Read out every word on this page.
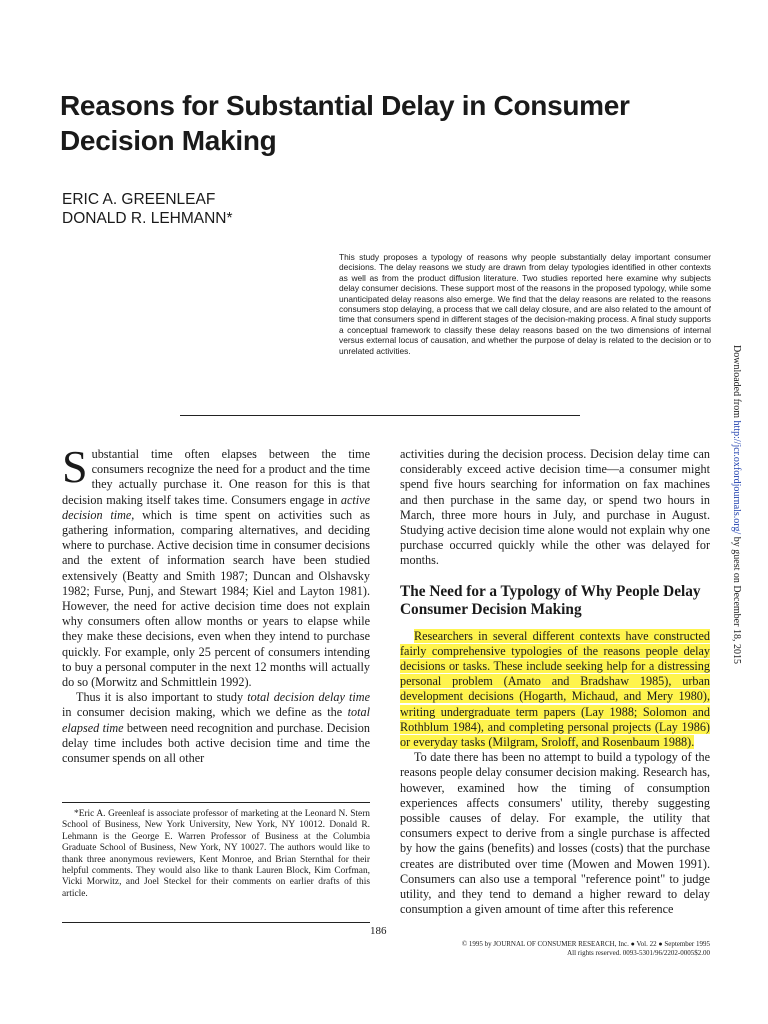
Reasons for Substantial Delay in Consumer Decision Making
ERIC A. GREENLEAF
DONALD R. LEHMANN*

This study proposes a typology of reasons why people substantially delay important consumer decisions. The delay reasons we study are drawn from delay typologies identified in other contexts as well as from the product diffusion literature. Two studies reported here examine why subjects delay consumer decisions. These support most of the reasons in the proposed typology, while some unanticipated delay reasons also emerge. We find that the delay reasons are related to the reasons consumers stop delaying, a process that we call delay closure, and are also related to the amount of time that consumers spend in different stages of the decision-making process. A final study supports a conceptual framework to classify these delay reasons based on the two dimensions of internal versus external locus of causation, and whether the purpose of delay is related to the decision or to unrelated activities.

Substantial time often elapses between the time consumers recognize the need for a product and the time they actually purchase it. One reason for this is that decision making itself takes time. Consumers engage in active decision time, which is time spent on activities such as gathering information, comparing alternatives, and deciding where to purchase. Active decision time in consumer decisions and the extent of information search have been studied extensively (Beatty and Smith 1987; Duncan and Olshavsky 1982; Furse, Punj, and Stewart 1984; Kiel and Layton 1981). However, the need for active decision time does not explain why consumers often allow months or years to elapse while they make these decisions, even when they intend to purchase quickly. For example, only 25 percent of consumers intending to buy a personal computer in the next 12 months will actually do so (Morwitz and Schmittlein 1992).

Thus it is also important to study total decision delay time in consumer decision making, which we define as the total elapsed time between need recognition and purchase. Decision delay time includes both active decision time and time the consumer spends on all other

activities during the decision process. Decision delay time can considerably exceed active decision time—a consumer might spend five hours searching for information on fax machines and then purchase in the same day, or spend two hours in March, three more hours in July, and purchase in August. Studying active decision time alone would not explain why one purchase occurred quickly while the other was delayed for months.

The Need for a Typology of Why People Delay Consumer Decision Making

Researchers in several different contexts have constructed fairly comprehensive typologies of the reasons people delay decisions or tasks. These include seeking help for a distressing personal problem (Amato and Bradshaw 1985), urban development decisions (Hogarth, Michaud, and Mery 1980), writing undergraduate term papers (Lay 1988; Solomon and Rothblum 1984), and completing personal projects (Lay 1986) or everyday tasks (Milgram, Sroloff, and Rosenbaum 1988).

To date there has been no attempt to build a typology of the reasons people delay consumer decision making. Research has, however, examined how the timing of consumption experiences affects consumers' utility, thereby suggesting possible causes of delay. For example, the utility that consumers expect to derive from a single purchase is affected by how the gains (benefits) and losses (costs) that the purchase creates are distributed over time (Mowen and Mowen 1991). Consumers can also use a temporal "reference point" to judge utility, and they tend to demand a higher reward to delay consumption a given amount of time after this reference

*Eric A. Greenleaf is associate professor of marketing at the Leonard N. Stern School of Business, New York University, New York, NY 10012. Donald R. Lehmann is the George E. Warren Professor of Business at the Columbia Graduate School of Business, New York, NY 10027. The authors would like to thank three anonymous reviewers, Kent Monroe, and Brian Sternthal for their helpful comments. They would also like to thank Lauren Block, Kim Corfman, Vicki Morwitz, and Joel Steckel for their comments on earlier drafts of this article.

186
© 1995 by JOURNAL OF CONSUMER RESEARCH, Inc. ● Vol. 22 ● September 1995
All rights reserved. 0093-5301/96/2202-0005$2.00
Downloaded from http://jcr.oxfordjournals.org/ by guest on December 18, 2015
